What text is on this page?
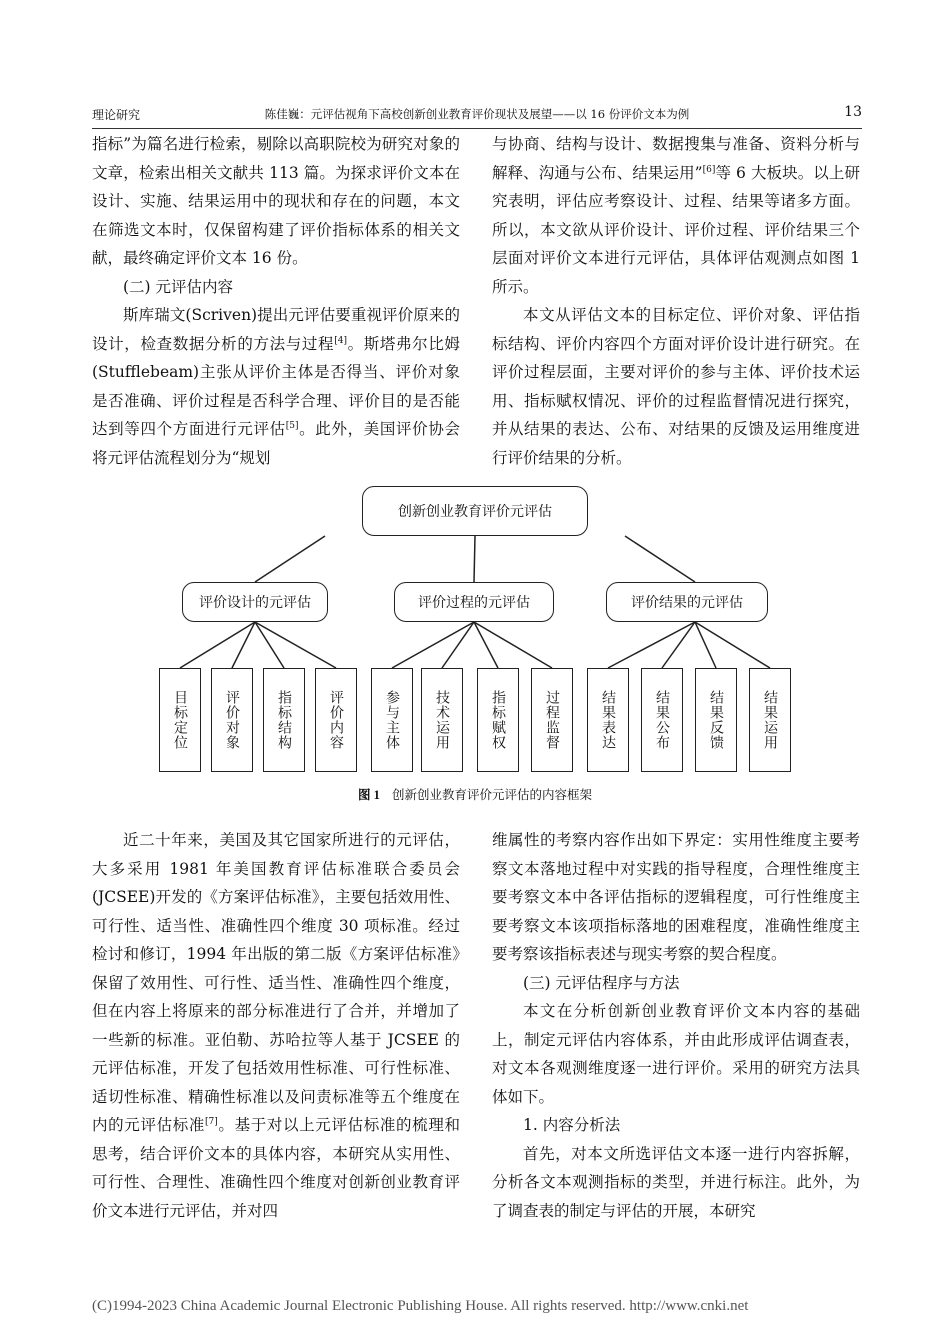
理论研究	陈佳巍：元评估视角下高校创新创业教育评价现状及展望——以 16 份评价文本为例	13

指标”为篇名进行检索，剔除以高职院校为研究对象的文章，检索出相关文献共 113 篇。为探求评价文本在设计、实施、结果运用中的现状和存在的问题，本文在筛选文本时，仅保留构建了评价指标体系的相关文献，最终确定评价文本 16 份。

(二) 元评估内容

斯库瑞文(Scriven)提出元评估要重视评价原来的设计，检查数据分析的方法与过程[4]。斯塔弗尔比姆(Stufflebeam)主张从评价主体是否得当、评价对象是否准确、评价过程是否科学合理、评价目的是否能达到等四个方面进行元评估[5]。此外，美国评价协会将元评估流程划分为“规划

与协商、结构与设计、数据搜集与准备、资料分析与解释、沟通与公布、结果运用”[6]等 6 大板块。以上研究表明，评估应考察设计、过程、结果等诸多方面。所以，本文欲从评价设计、评价过程、评价结果三个层面对评价文本进行元评估，具体评估观测点如图 1 所示。

本文从评估文本的目标定位、评价对象、评估指标结构、评价内容四个方面对评价设计进行研究。在评价过程层面，主要对评价的参与主体、评价技术运用、指标赋权情况、评价的过程监督情况进行探究，并从结果的表达、公布、对结果的反馈及运用维度进行评价结果的分析。

创新创业教育评价元评估
评价设计的元评估	评价过程的元评估	评价结果的元评估
目标定位	评价对象	指标结构	评价内容	参与主体 技术运用	指标赋权	过程监督	结果表达	结果公布	结果反馈	结果运用
图 1 创新创业教育评价元评估的内容框架

近二十年来，美国及其它国家所进行的元评估，大多采用 1981 年美国教育评估标准联合委员会(JCSEE)开发的《方案评估标准》，主要包括效用性、可行性、适当性、准确性四个维度 30 项标准。经过检讨和修订，1994 年出版的第二版《方案评估标准》保留了效用性、可行性、适当性、准确性四个维度，但在内容上将原来的部分标准进行了合并，并增加了一些新的标准。亚伯勒、苏哈拉等人基于 JCSEE 的元评估标准，开发了包括效用性标准、可行性标准、适切性标准、精确性标准以及问责标准等五个维度在内的元评估标准[7]。基于对以上元评估标准的梳理和思考，结合评价文本的具体内容，本研究从实用性、可行性、合理性、准确性四个维度对创新创业教育评价文本进行元评估，并对四

维属性的考察内容作出如下界定：实用性维度主要考察文本落地过程中对实践的指导程度，合理性维度主要考察文本中各评估指标的逻辑程度，可行性维度主要考察文本该项指标落地的困难程度，准确性维度主要考察该指标表述与现实考察的契合程度。

(三) 元评估程序与方法

本文在分析创新创业教育评价文本内容的基础上，制定元评估内容体系，并由此形成评估调查表，对文本各观测维度逐一进行评价。采用的研究方法具体如下。

1. 内容分析法

首先，对本文所选评估文本逐一进行内容拆解，分析各文本观测指标的类型，并进行标注。此外，为了调查表的制定与评估的开展，本研究

(C)1994-2023 China Academic Journal Electronic Publishing House. All rights reserved. http://www.cnki.net
